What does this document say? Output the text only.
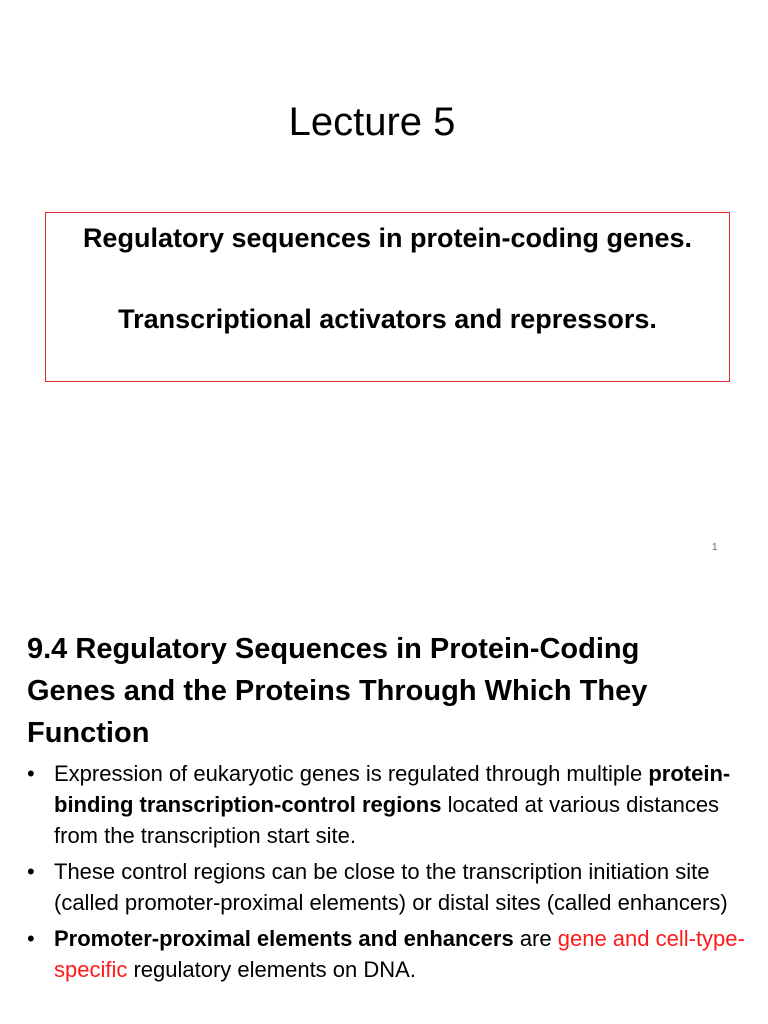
Lecture 5
Regulatory sequences in protein-coding genes.
Transcriptional activators and repressors.
1
9.4 Regulatory Sequences in Protein-Coding Genes and the Proteins Through Which They Function
• Expression of eukaryotic genes is regulated through multiple protein-binding transcription-control regions located at various distances from the transcription start site.
• These control regions can be close to the transcription initiation site (called promoter-proximal elements) or distal sites (called enhancers)
• Promoter-proximal elements and enhancers are gene and cell-type-specific regulatory elements on DNA.
